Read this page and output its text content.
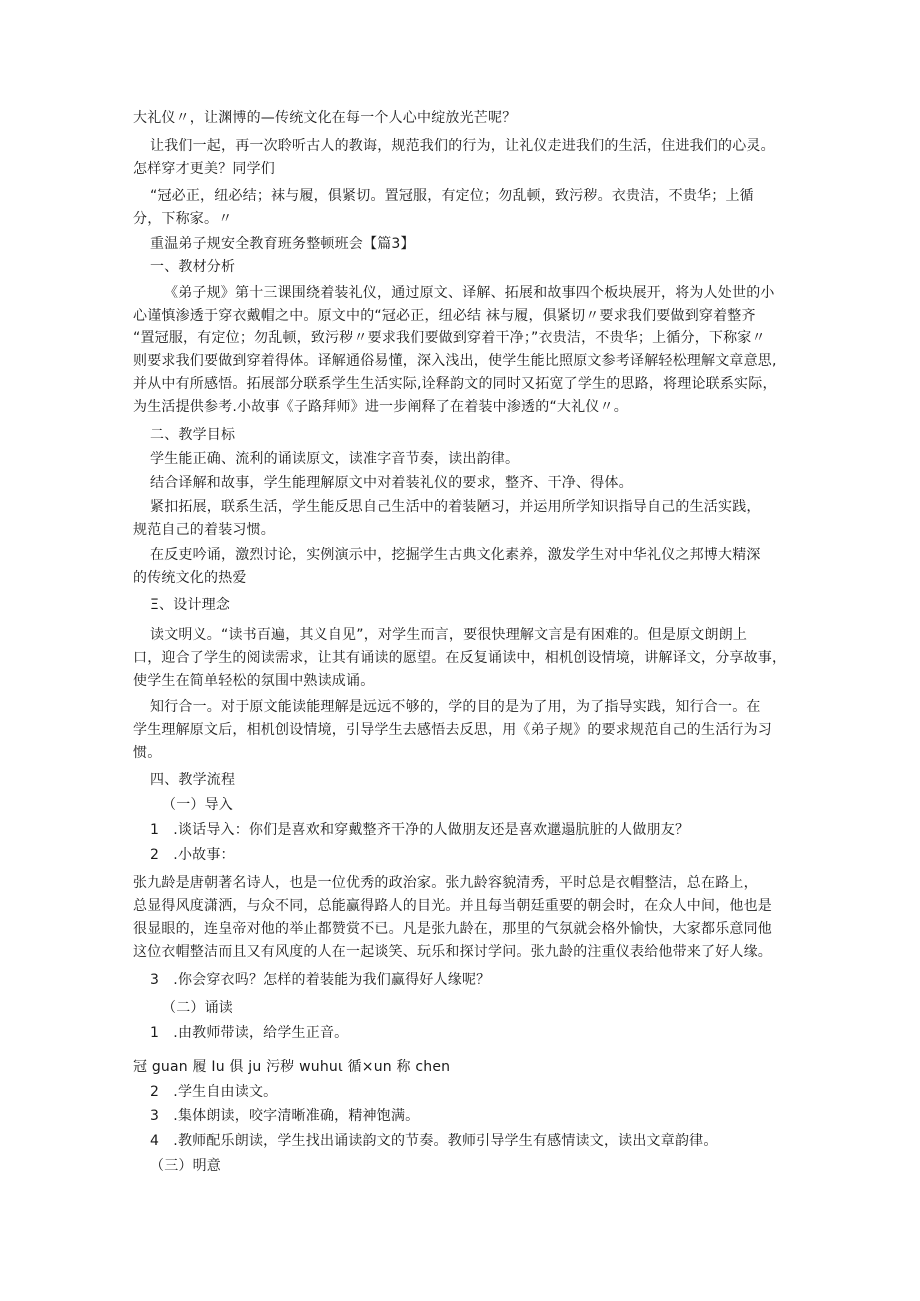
大礼仪〃，让渊博的—传统文化在每一个人心中绽放光芒呢？
让我们一起，再一次聆听古人的教诲，规范我们的行为，让礼仪走进我们的生活，住进我们的心灵。
怎样穿才更美？同学们
“冠必正，纽必结；袜与履，俱紧切。置冠服，有定位；勿乱顿，致污秽。衣贵洁，不贵华；上循
分，下称家。〃
重温弟子规安全教育班务整顿班会【篇3】
一、教材分析
《弟子规》第十三课围绕着装礼仪，通过原文、译解、拓展和故事四个板块展开，将为人处世的小
心谨慎渗透于穿衣戴帽之中。原文中的“冠必正，纽必结 袜与履，俱紧切〃要求我们要做到穿着整齐
“置冠服，有定位；勿乱顿，致污秽〃要求我们要做到穿着干净；”衣贵洁，不贵华；上循分，下称家〃
则要求我们要做到穿着得体。译解通俗易懂，深入浅出，使学生能比照原文参考译解轻松理解文章意思,
并从中有所感悟。拓展部分联系学生生活实际,诠释韵文的同时又拓宽了学生的思路，将理论联系实际，
为生活提供参考.小故事《子路拜师》进一步阐释了在着装中渗透的“大礼仪〃。
二、教学目标
学生能正确、流利的诵读原文，读准字音节奏，读出韵律。
结合译解和故事，学生能理解原文中对着装礼仪的要求，整齐、干净、得体。
紧扣拓展，联系生活，学生能反思自己生活中的着装陋习，并运用所学知识指导自己的生活实践，
规范自己的着装习惯。
在反吏吟诵，激烈讨论，实例演示中，挖掘学生古典文化素养，激发学生对中华礼仪之邦博大精深
的传统文化的热爱
Ξ、设计理念
读文明义。“读书百遍，其义自见”，对学生而言，要很快理解文言是有困难的。但是原文朗朗上
口，迎合了学生的阅读需求，让其有诵读的愿望。在反复诵读中，相机创设情境，讲解译文，分享故事，
使学生在简单轻松的氛围中熟读成诵。
知行合一。对于原文能读能理解是远远不够的，学的目的是为了用，为了指导实践，知行合一。在
学生理解原文后，相机创设情境，引导学生去感悟去反思，用《弟子规》的要求规范自己的生活行为习
惯。
四、教学流程
（一）导入
1　.谈话导入：你们是喜欢和穿戴整齐干净的人做朋友还是喜欢邋遢肮脏的人做朋友？
2　.小故事：
张九龄是唐朝著名诗人，也是一位优秀的政治家。张九龄容貌清秀，平时总是衣帽整洁，总在路上，
总显得风度潇洒，与众不同，总能赢得路人的目光。并且每当朝廷重要的朝会时，在众人中间，他也是
很显眼的，连皇帝对他的举止都赞赏不已。凡是张九龄在，那里的气氛就会格外愉快，大家都乐意同他
这位衣帽整洁而且又有风度的人在一起谈笑、玩乐和探讨学问。张九龄的注重仪表给他带来了好人缘。
3　.你会穿衣吗？怎样的着装能为我们赢得好人缘呢？
（二）诵读
1　.由教师带读，给学生正音。
冠 guan 履 Iu 俱 ju 污秽 wuhuι 循×un 称 chen
2　.学生自由读文。
3　.集体朗读，咬字清晰准确，精神饱满。
4　.教师配乐朗读，学生找出诵读韵文的节奏。教师引导学生有感情读文，读出文章韵律。
（三）明意
